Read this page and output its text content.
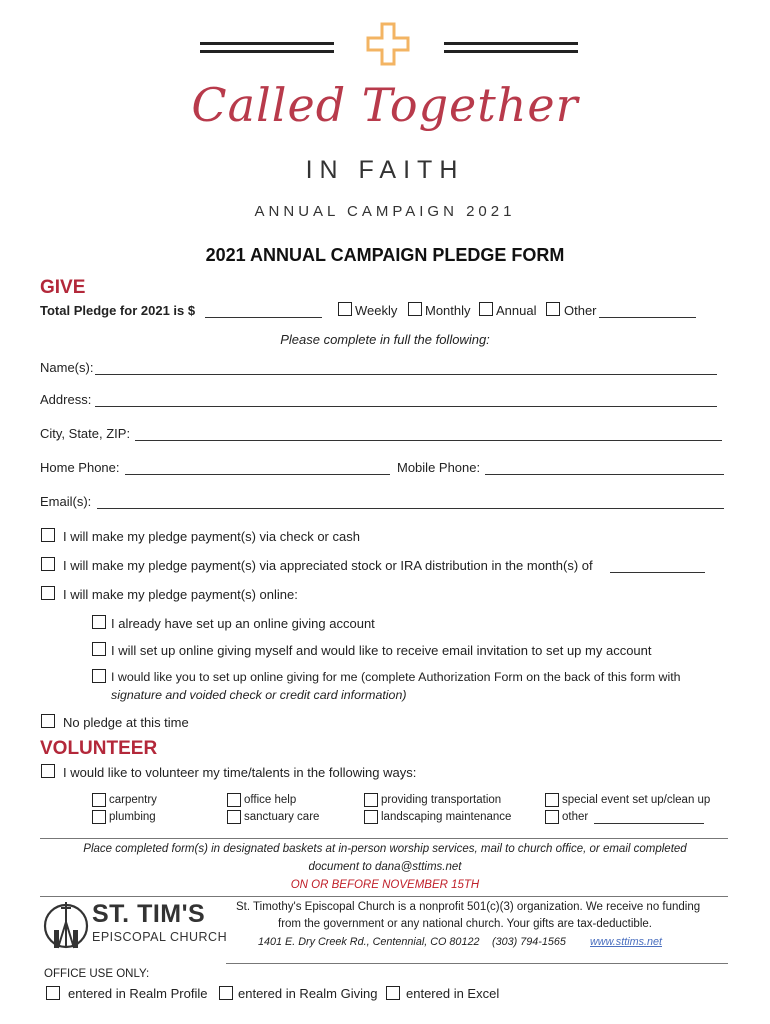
Called Together
IN FAITH
ANNUAL CAMPAIGN 2021
2021 ANNUAL CAMPAIGN PLEDGE FORM
GIVE
Total Pledge for 2021 is $	Weekly Monthly Annual Other
Please complete in full the following:
Name(s):
Address:
City, State, ZIP:
Home Phone:	Mobile Phone:
Email(s):
I will make my pledge payment(s) via check or cash
I will make my pledge payment(s) via appreciated stock or IRA distribution in the month(s) of
I will make my pledge payment(s) online:
I already have set up an online giving account
I will set up online giving myself and would like to receive email invitation to set up my account
I would like you to set up online giving for me (complete Authorization Form on the back of this form with
signature and voided check or credit card information)
No pledge at this time
VOLUNTEER
I would like to volunteer my time/talents in the following ways:
carpentry
plumbing
office help
sanctuary care
providing transportation
landscaping maintenance
special event set up/clean up
other
Place completed form(s) in designated baskets at in-person worship services, mail to church office, or email completed
document to dana@sttims.net
ON OR BEFORE NOVEMBER 15TH
ST. TIM'S
EPISCOPAL CHURCH
St. Timothy's Episcopal Church is a nonprofit 501(c)(3) organization. We receive no funding
from the government or any national church. Your gifts are tax-deductible.
1401 E. Dry Creek Rd., Centennial, CO 80122 (303) 794-1565 www.sttims.net
OFFICE USE ONLY:
entered in Realm Profile entered in Realm Giving entered in Excel
